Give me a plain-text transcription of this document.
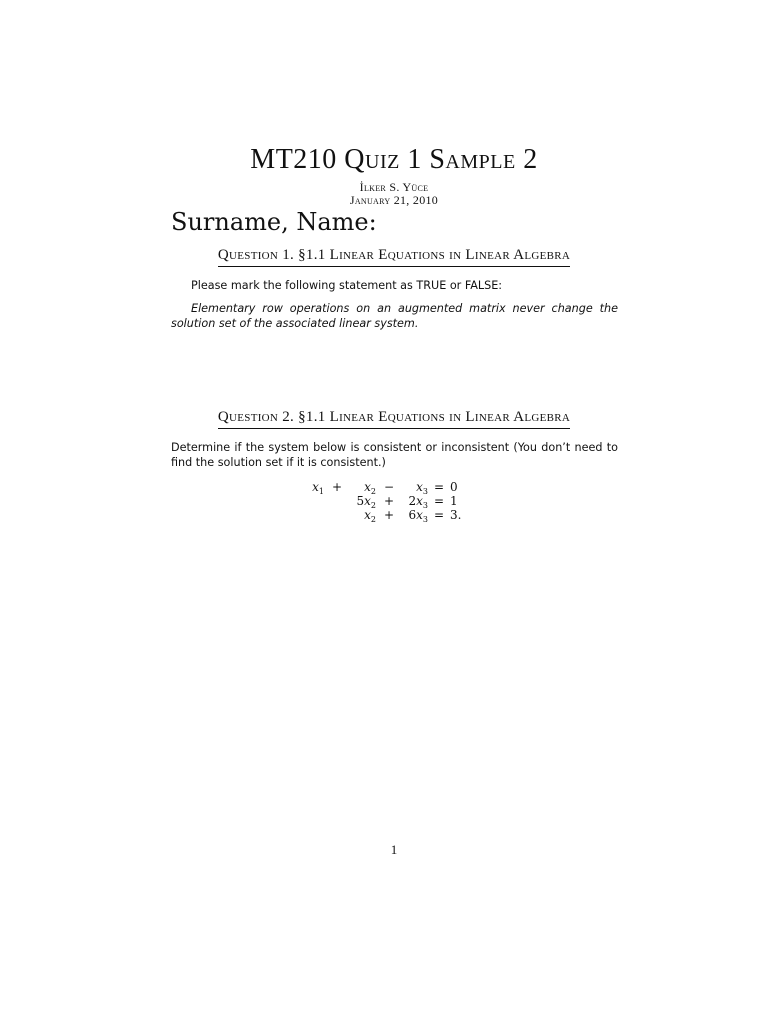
MT210 Quiz 1 Sample 2
İlker S. Yüce
January 21, 2010
Surname, Name:
Question 1. §1.1 Linear Equations in Linear Algebra
Please mark the following statement as TRUE or FALSE:
Elementary row operations on an augmented matrix never change the solution set of the associated linear system.
Question 2. §1.1 Linear Equations in Linear Algebra
Determine if the system below is consistent or inconsistent (You don’t need to find the solution set if it is consistent.)
$x_1$	+	$x_2$	−	$x_3$	=	0
		$5x_2$	+	$2x_3$	=	1
		$x_2$	+	$6x_3$	=	3.
1
